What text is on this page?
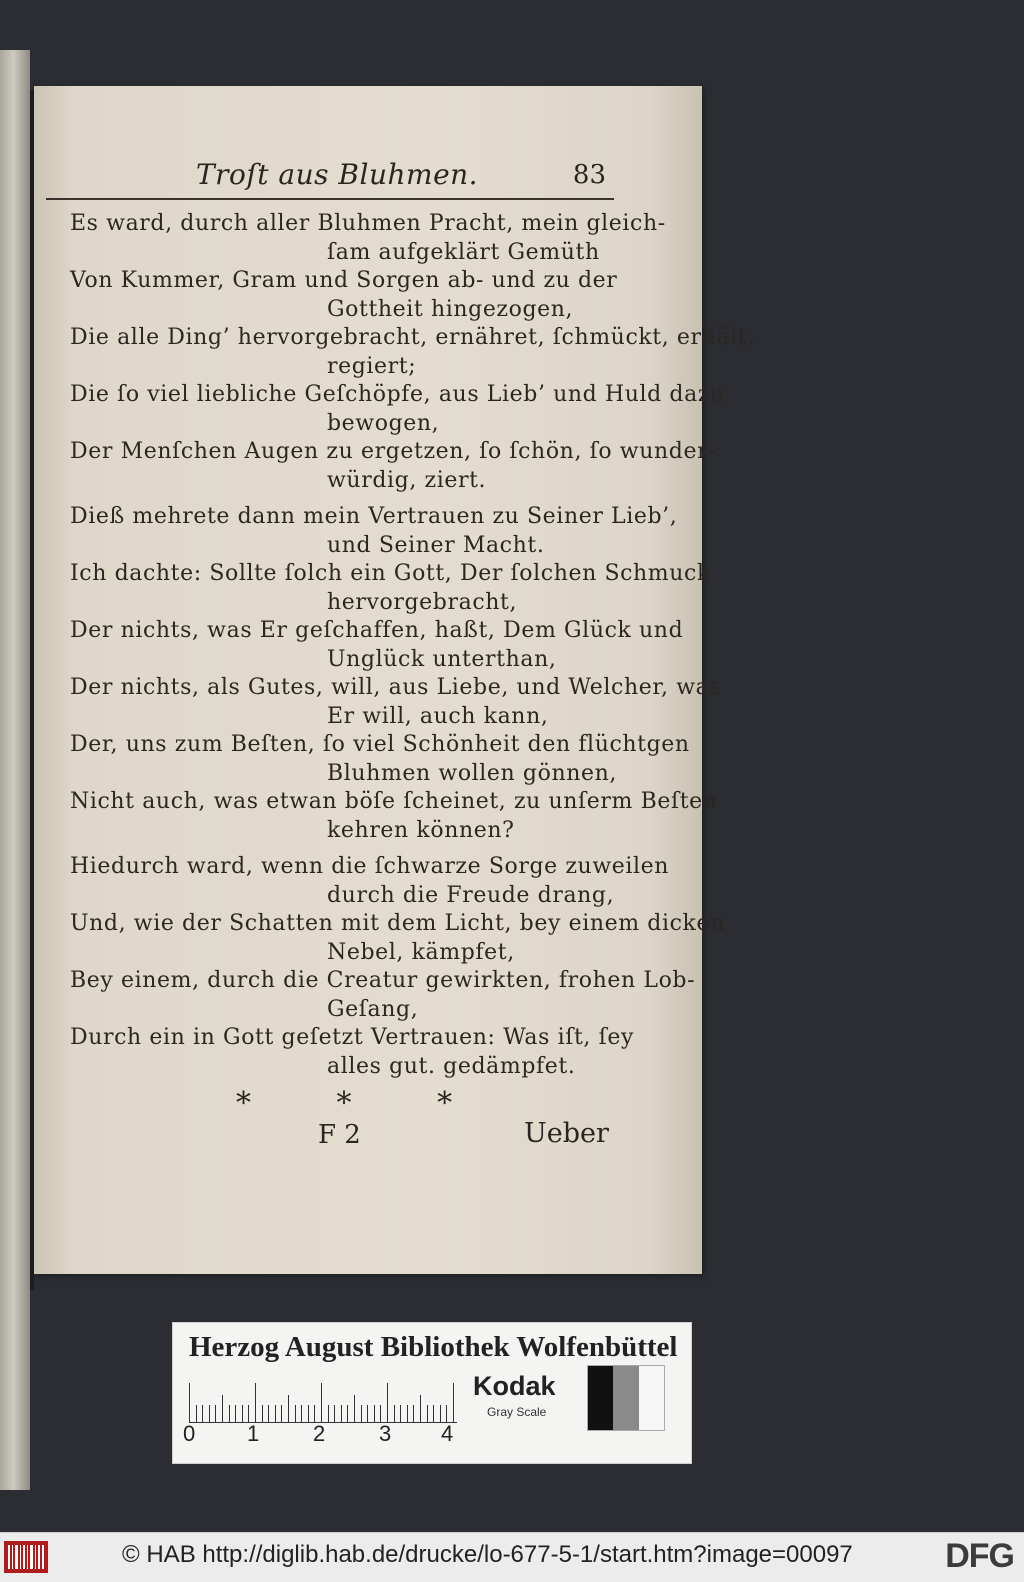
Troſt aus Bluhmen.	83
Es ward, durch aller Bluhmen Pracht, mein gleich-
ſam aufgeklärt Gemüth
Von Kummer, Gram und Sorgen ab- und zu der
Gottheit hingezogen,
Die alle Ding’ hervorgebracht, ernähret, ſchmückt, erhält,
regiert;
Die ſo viel liebliche Geſchöpfe, aus Lieb’ und Huld dazu
bewogen,
Der Menſchen Augen zu ergetzen, ſo ſchön, ſo wunder-
würdig, ziert.
Dieß mehrete dann mein Vertrauen zu Seiner Lieb’,
und Seiner Macht.
Ich dachte: Sollte ſolch ein Gott, Der ſolchen Schmuck
hervorgebracht,
Der nichts, was Er geſchaffen, haßt, Dem Glück und
Unglück unterthan,
Der nichts, als Gutes, will, aus Liebe, und Welcher, was
Er will, auch kann,
Der, uns zum Beſten, ſo viel Schönheit den flüchtgen
Bluhmen wollen gönnen,
Nicht auch, was etwan böſe ſcheinet, zu unſerm Beſten
kehren können?
Hiedurch ward, wenn die ſchwarze Sorge zuweilen
durch die Freude drang,
Und, wie der Schatten mit dem Licht, bey einem dicken
Nebel, kämpfet,
Bey einem, durch die Creatur gewirkten, frohen Lob-
Geſang,
Durch ein in Gott geſetzt Vertrauen: Was iſt, ſey
alles gut. gedämpfet.
* * *
F 2	Ueber
Herzog August Bibliothek Wolfenbüttel
0 1 2 3 4
Kodak
Gray Scale
© HAB http://diglib.hab.de/drucke/lo-677-5-1/start.htm?image=00097	DFG
